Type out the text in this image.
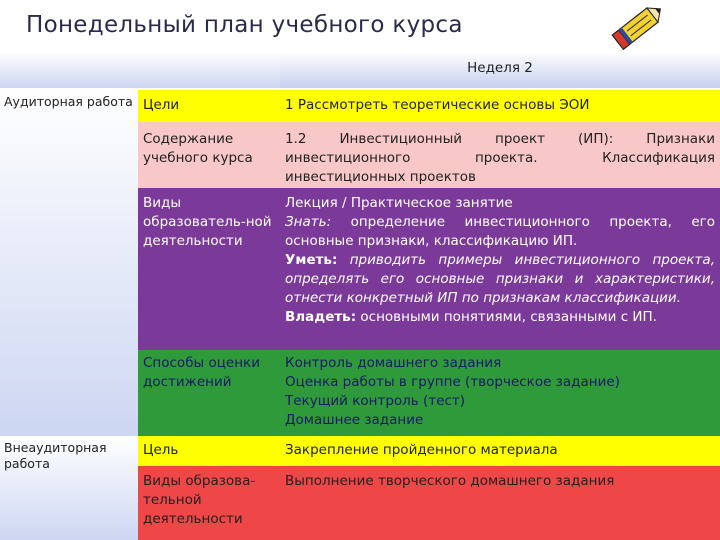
Понедельный план учебного курса
Неделя 2
Аудиторная работа
Внеаудиторная работа
Цели	1 Рассмотреть теоретические основы ЭОИ
Содержание учебного курса
1.2 Инвестиционный проект (ИП): Признаки инвестиционного проекта. Классификация инвестиционных проектов
Виды образователь-ной деятельности
Лекция / Практическое занятие
Знать: определение инвестиционного проекта, его основные признаки, классификацию ИП.
Уметь: приводить примеры инвестиционного проекта, определять его основные признаки и характеристики, отнести конкретный ИП по признакам классификации.
Владеть: основными понятиями, связанными с ИП.
Способы оценки достижений
Контроль домашнего задания
Оценка работы в группе (творческое задание)
Текущий контроль (тест)
Домашнее задание
Цель	Закрепление пройденного материала
Виды образова-тельной деятельности
Выполнение творческого домашнего задания
